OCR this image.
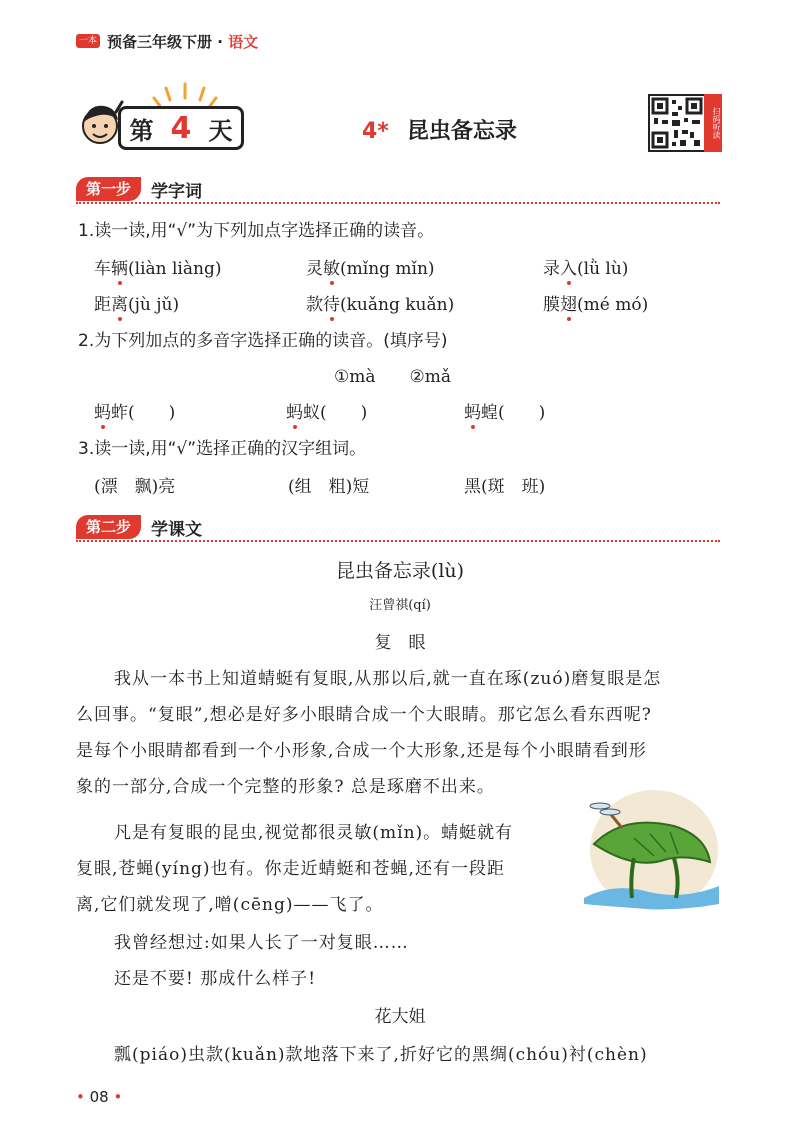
一本 预备三年级下册 · 语文
第 4 天	4* 昆虫备忘录	扫码听读
第一步	学字词
1.读一读,用“√”为下列加点字选择正确的读音。
车辆(liàn liàng)	灵敏(mǐng mǐn)	录入(lǜ lù)
距离(jù jǔ)	款待(kuǎng kuǎn)	膜翅(mé mó)
2.为下列加点的多音字选择正确的读音。(填序号)
①mà　　②mǎ
蚂蚱(　　)	蚂蚁(　　)	蚂蝗(　　)
3.读一读,用“√”选择正确的汉字组词。
(漂　飘)亮	(组　粗)短	黑(斑　班)
第二步	学课文
昆虫备忘录(lù)
汪曾祺(qí)
复　眼
我从一本书上知道蜻蜓有复眼,从那以后,就一直在琢(zuó)磨复眼是怎
么回事。“复眼”,想必是好多小眼睛合成一个大眼睛。那它怎么看东西呢?
是每个小眼睛都看到一个小形象,合成一个大形象,还是每个小眼睛看到形
象的一部分,合成一个完整的形象? 总是琢磨不出来。
凡是有复眼的昆虫,视觉都很灵敏(mǐn)。蜻蜓就有
复眼,苍蝇(yíng)也有。你走近蜻蜓和苍蝇,还有一段距
离,它们就发现了,噌(cēng)——飞了。
我曾经想过:如果人长了一对复眼……
还是不要! 那成什么样子!
花大姐
瓢(piáo)虫款(kuǎn)款地落下来了,折好它的黑绸(chóu)衬(chèn)
• 08 •
